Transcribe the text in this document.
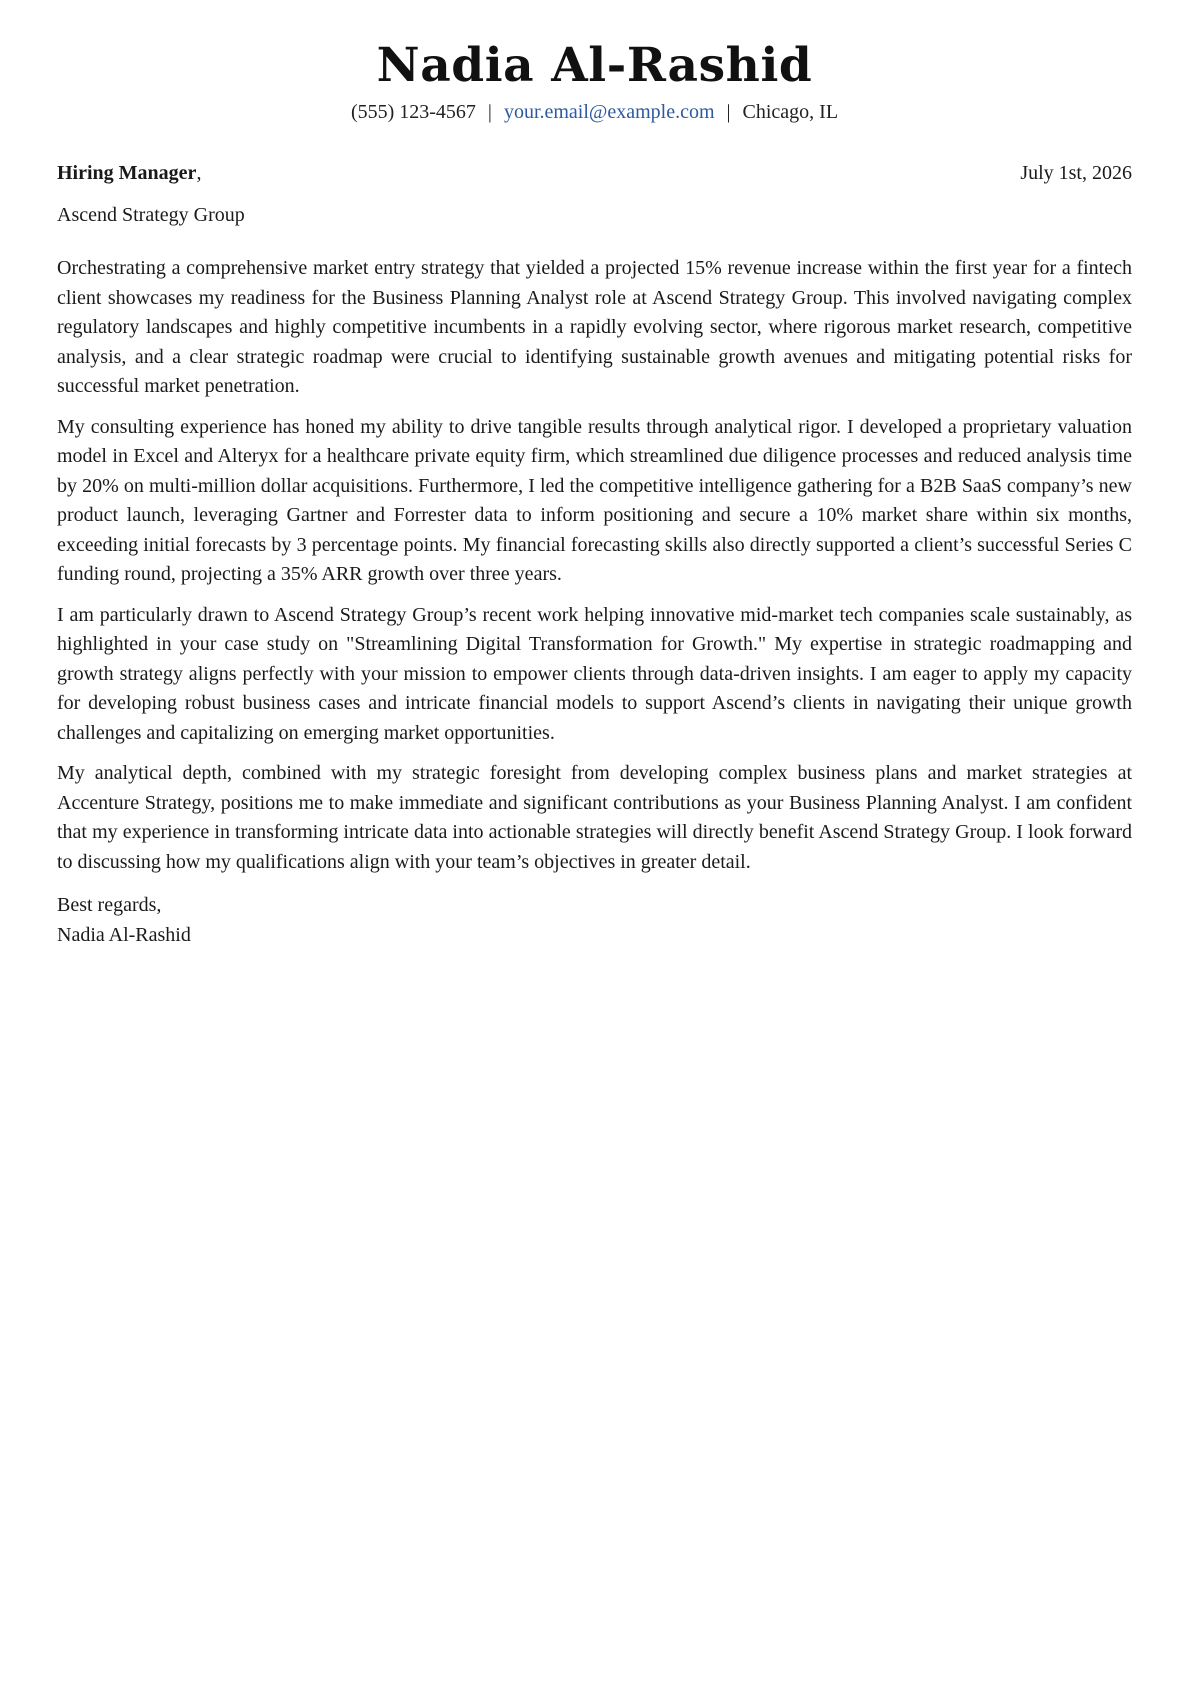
Nadia Al-Rashid
(555) 123-4567 | your.email@example.com | Chicago, IL
Hiring Manager,	July 1st, 2026
Ascend Strategy Group

Orchestrating a comprehensive market entry strategy that yielded a projected 15% revenue increase within the first year for a fintech client showcases my readiness for the Business Planning Analyst role at Ascend Strategy Group. This involved navigating complex regulatory landscapes and highly competitive incumbents in a rapidly evolving sector, where rigorous market research, competitive analysis, and a clear strategic roadmap were crucial to identifying sustainable growth avenues and mitigating potential risks for successful market penetration.

My consulting experience has honed my ability to drive tangible results through analytical rigor. I developed a proprietary valuation model in Excel and Alteryx for a healthcare private equity firm, which streamlined due diligence processes and reduced analysis time by 20% on multi-million dollar acquisitions. Furthermore, I led the competitive intelligence gathering for a B2B SaaS company’s new product launch, leveraging Gartner and Forrester data to inform positioning and secure a 10% market share within six months, exceeding initial forecasts by 3 percentage points. My financial forecasting skills also directly supported a client’s successful Series C funding round, projecting a 35% ARR growth over three years.

I am particularly drawn to Ascend Strategy Group’s recent work helping innovative mid-market tech companies scale sustainably, as highlighted in your case study on "Streamlining Digital Transformation for Growth." My expertise in strategic roadmapping and growth strategy aligns perfectly with your mission to empower clients through data-driven insights. I am eager to apply my capacity for developing robust business cases and intricate financial models to support Ascend’s clients in navigating their unique growth challenges and capitalizing on emerging market opportunities.

My analytical depth, combined with my strategic foresight from developing complex business plans and market strategies at Accenture Strategy, positions me to make immediate and significant contributions as your Business Planning Analyst. I am confident that my experience in transforming intricate data into actionable strategies will directly benefit Ascend Strategy Group. I look forward to discussing how my qualifications align with your team’s objectives in greater detail.

Best regards,
Nadia Al-Rashid
